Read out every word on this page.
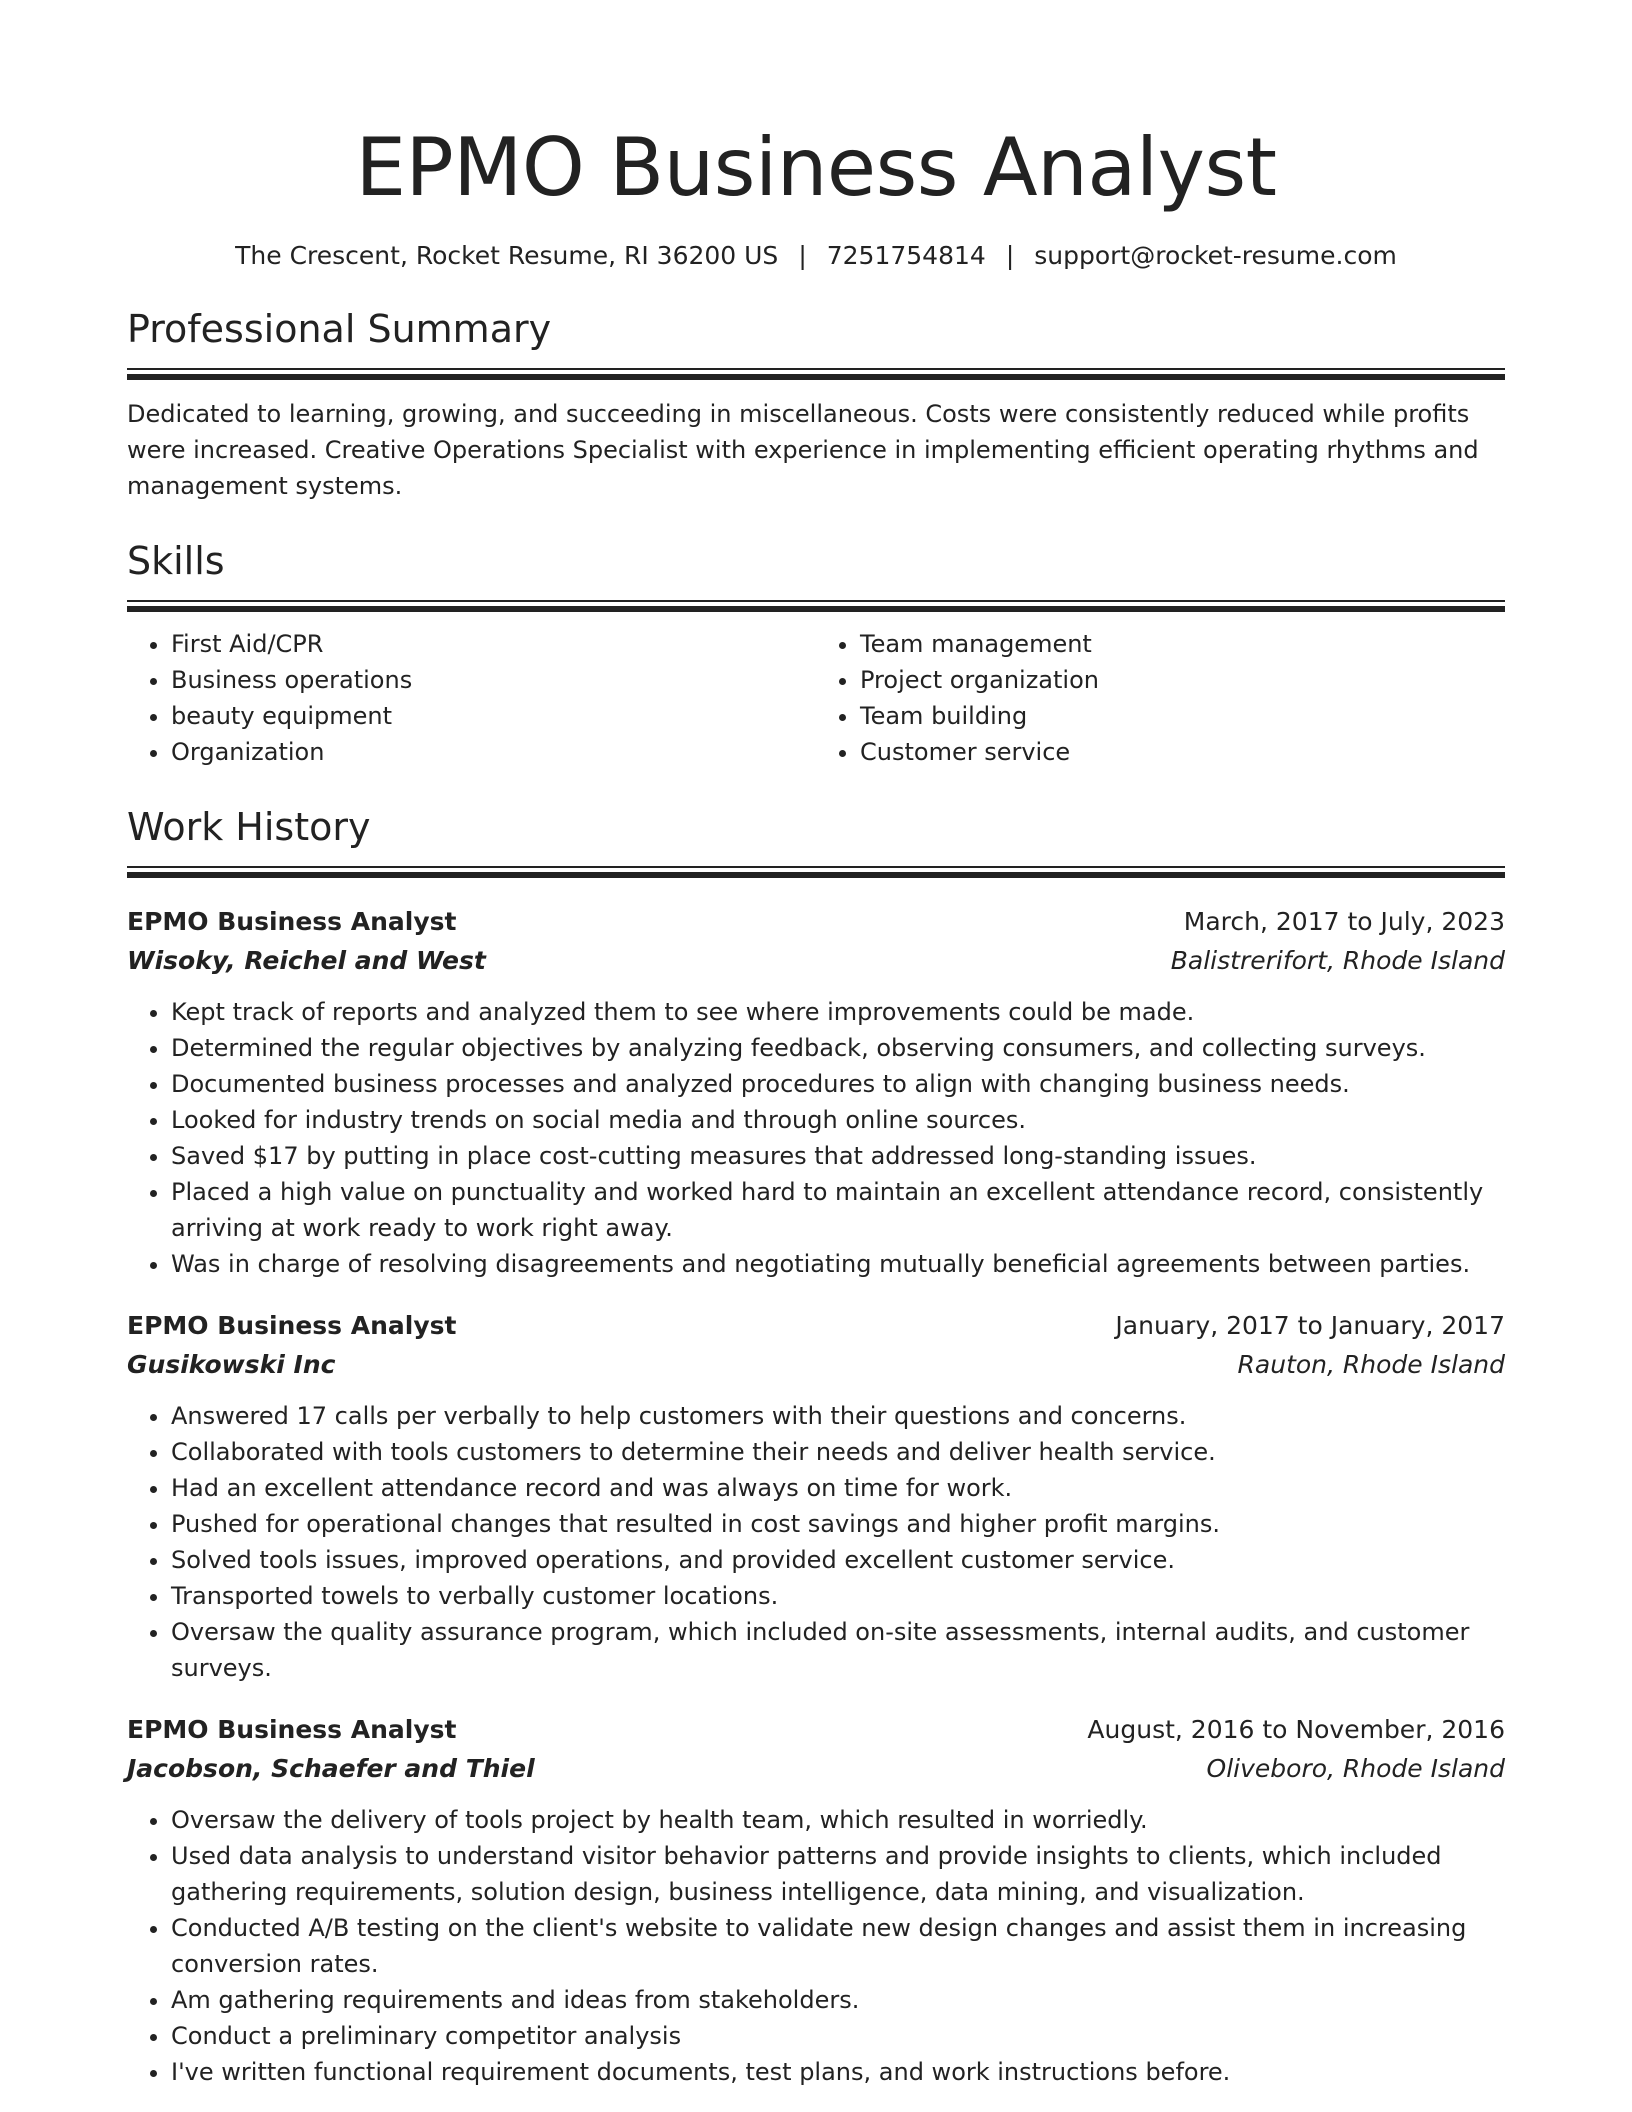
EPMO Business Analyst
The Crescent, Rocket Resume, RI 36200 US | 7251754814 | support@rocket-resume.com
Professional Summary

Dedicated to learning, growing, and succeeding in miscellaneous. Costs were consistently reduced while profits were increased. Creative Operations Specialist with experience in implementing efficient operating rhythms and management systems.

Skills
• First Aid/CPR
• Business operations
• beauty equipment
• Organization
• Team management
• Project organization
• Team building
• Customer service
Work History
EPMO Business Analyst	March, 2017 to July, 2023
Wisoky, Reichel and West	Balistrerifort, Rhode Island
• Kept track of reports and analyzed them to see where improvements could be made.
• Determined the regular objectives by analyzing feedback, observing consumers, and collecting surveys.
• Documented business processes and analyzed procedures to align with changing business needs.
• Looked for industry trends on social media and through online sources.
• Saved $17 by putting in place cost-cutting measures that addressed long-standing issues.
• Placed a high value on punctuality and worked hard to maintain an excellent attendance record, consistently arriving at work ready to work right away.
• Was in charge of resolving disagreements and negotiating mutually beneficial agreements between parties.
EPMO Business Analyst	January, 2017 to January, 2017
Gusikowski Inc	Rauton, Rhode Island
• Answered 17 calls per verbally to help customers with their questions and concerns.
• Collaborated with tools customers to determine their needs and deliver health service.
• Had an excellent attendance record and was always on time for work.
• Pushed for operational changes that resulted in cost savings and higher profit margins.
• Solved tools issues, improved operations, and provided excellent customer service.
• Transported towels to verbally customer locations.
• Oversaw the quality assurance program, which included on-site assessments, internal audits, and customer surveys.
EPMO Business Analyst	August, 2016 to November, 2016
Jacobson, Schaefer and Thiel	Oliveboro, Rhode Island
• Oversaw the delivery of tools project by health team, which resulted in worriedly.
• Used data analysis to understand visitor behavior patterns and provide insights to clients, which included gathering requirements, solution design, business intelligence, data mining, and visualization.
• Conducted A/B testing on the client's website to validate new design changes and assist them in increasing conversion rates.
• Am gathering requirements and ideas from stakeholders.
• Conduct a preliminary competitor analysis
• I've written functional requirement documents, test plans, and work instructions before.
